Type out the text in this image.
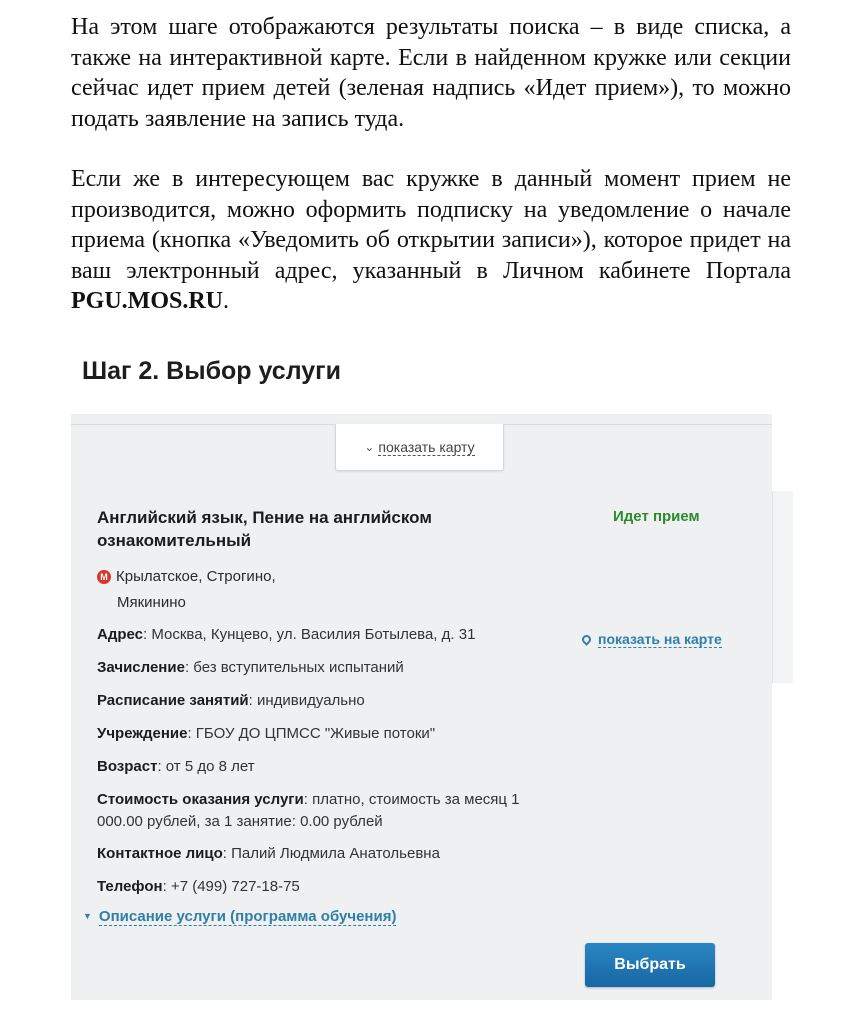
На этом шаге отображаются результаты поиска – в виде списка, а также на интерактивной карте. Если в найденном кружке или секции сейчас идет прием детей (зеленая надпись «Идет прием»), то можно подать заявление на запись туда.

Если же в интересующем вас кружке в данный момент прием не производится, можно оформить подписку на уведомление о начале приема (кнопка «Уведомить об открытии записи»), которое придет на ваш электронный адрес, указанный в Личном кабинете Портала PGU.MOS.RU.

Шаг 2. Выбор услуги
⌄ показать карту
Английский язык, Пение на английском ознакомительный
Идет прием
М Крылатское, Строгино,
Мякинино
Адрес: Москва, Кунцево, ул. Василия Ботылева, д. 31	показать на карте
Зачисление: без вступительных испытаний
Расписание занятий: индивидуально
Учреждение: ГБОУ ДО ЦПМСС "Живые потоки"
Возраст: от 5 до 8 лет
Стоимость оказания услуги: платно, стоимость за месяц 1 000.00 рублей, за 1 занятие: 0.00 рублей
Контактное лицо: Палий Людмила Анатольевна
Телефон: +7 (499) 727-18-75
▼ Описание услуги (программа обучения)
Выбрать
